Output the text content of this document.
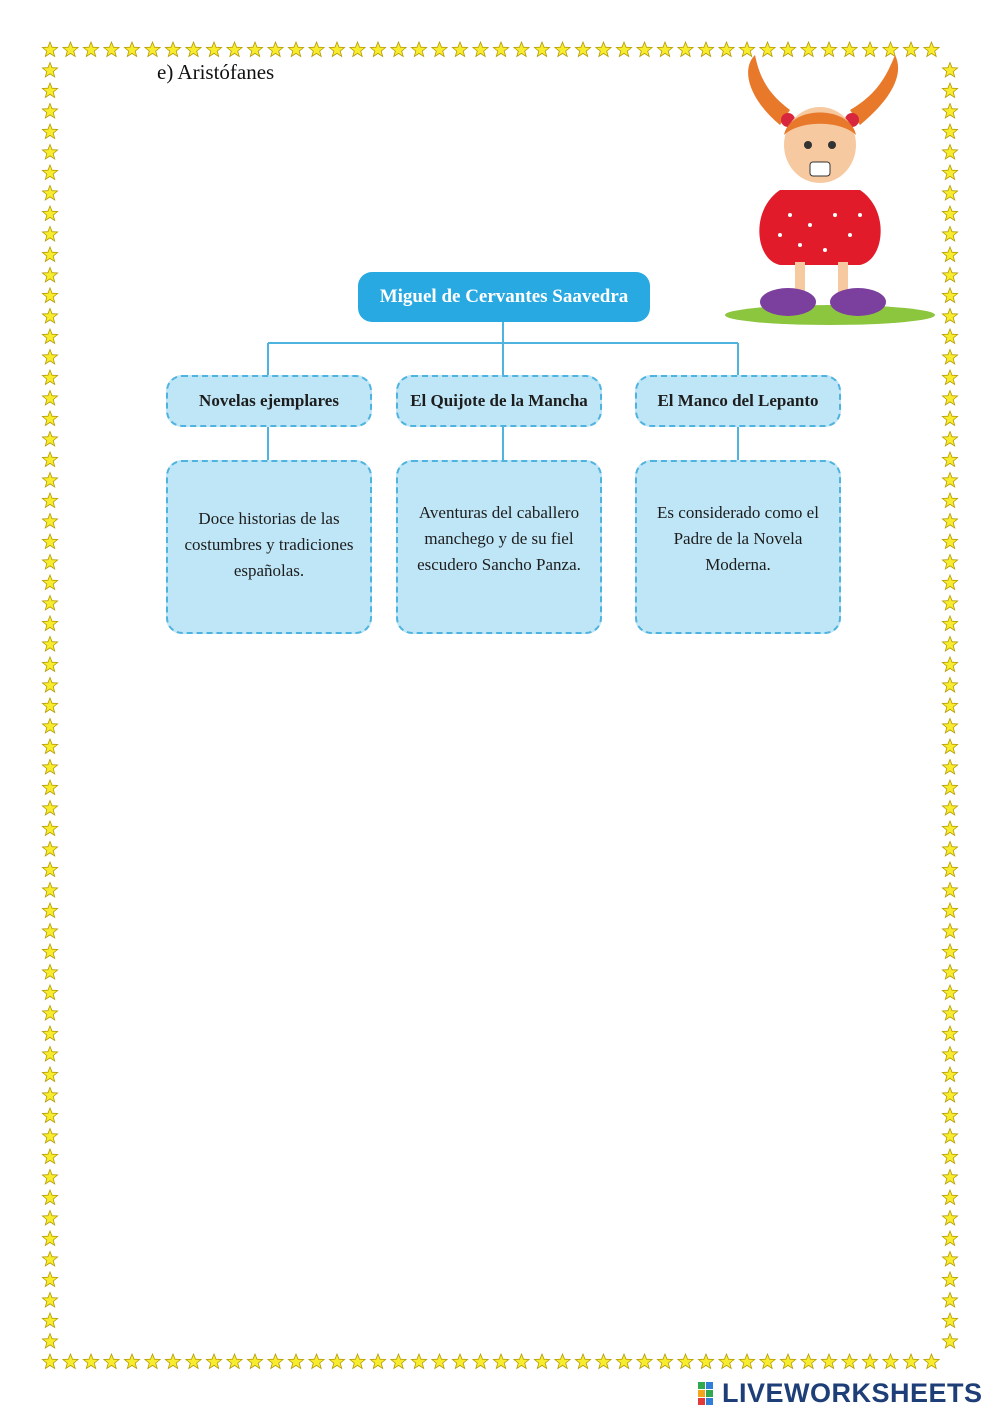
e) Aristófanes
Miguel de Cervantes Saavedra
Novelas ejemplares	El Quijote de la Mancha	El Manco del Lepanto
Doce historias de las costumbres y tradiciones españolas.
Aventuras del caballero manchego y de su fiel escudero Sancho Panza.
Es considerado como el Padre de la Novela Moderna.
LIVEWORKSHEETS
